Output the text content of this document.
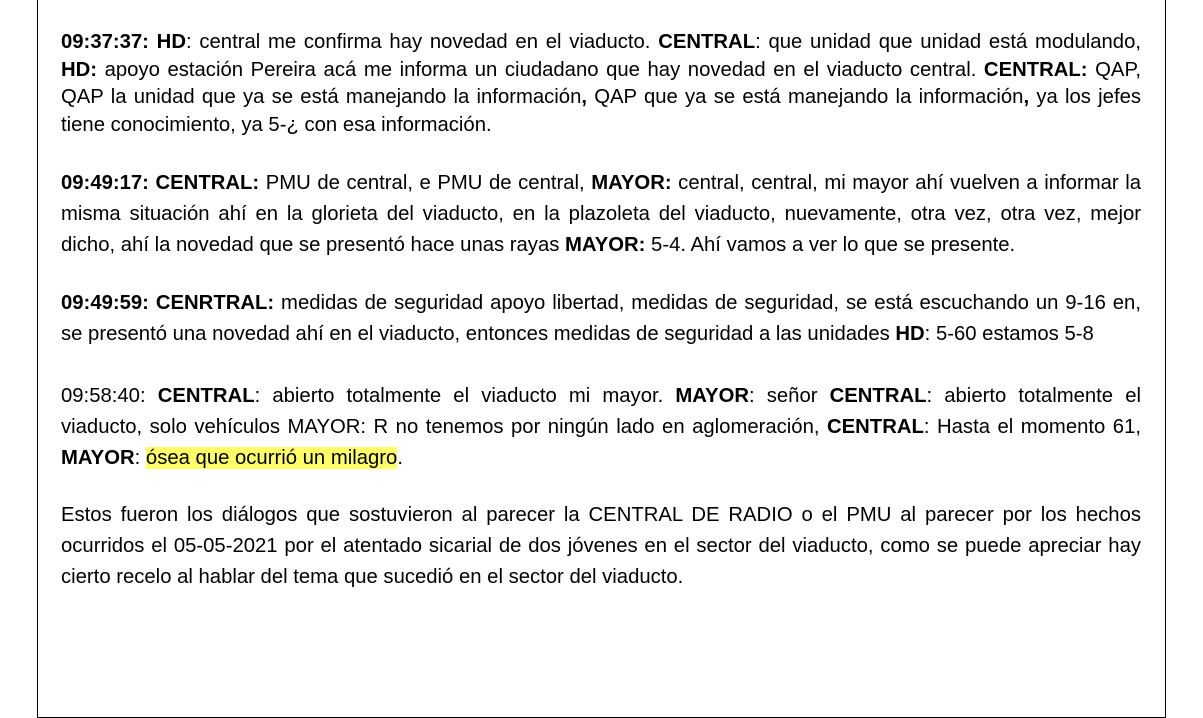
09:37:37: HD: central me confirma hay novedad en el viaducto. CENTRAL: que unidad que unidad está modulando, HD: apoyo estación Pereira acá me informa un ciudadano que hay novedad en el viaducto central. CENTRAL: QAP, QAP la unidad que ya se está manejando la información, QAP que ya se está manejando la información, ya los jefes tiene conocimiento, ya 5-¿ con esa información.

09:49:17: CENTRAL: PMU de central, e PMU de central, MAYOR: central, central, mi mayor ahí vuelven a informar la misma situación ahí en la glorieta del viaducto, en la plazoleta del viaducto, nuevamente, otra vez, otra vez, mejor dicho, ahí la novedad que se presentó hace unas rayas MAYOR: 5-4. Ahí vamos a ver lo que se presente.

09:49:59: CENRTRAL: medidas de seguridad apoyo libertad, medidas de seguridad, se está escuchando un 9-16 en, se presentó una novedad ahí en el viaducto, entonces medidas de seguridad a las unidades HD: 5-60 estamos 5-8

09:58:40: CENTRAL: abierto totalmente el viaducto mi mayor. MAYOR: señor CENTRAL: abierto totalmente el viaducto, solo vehículos MAYOR: R no tenemos por ningún lado en aglomeración, CENTRAL: Hasta el momento 61, MAYOR: ósea que ocurrió un milagro.

Estos fueron los diálogos que sostuvieron al parecer la CENTRAL DE RADIO o el PMU al parecer por los hechos ocurridos el 05-05-2021 por el atentado sicarial de dos jóvenes en el sector del viaducto, como se puede apreciar hay cierto recelo al hablar del tema que sucedió en el sector del viaducto.
